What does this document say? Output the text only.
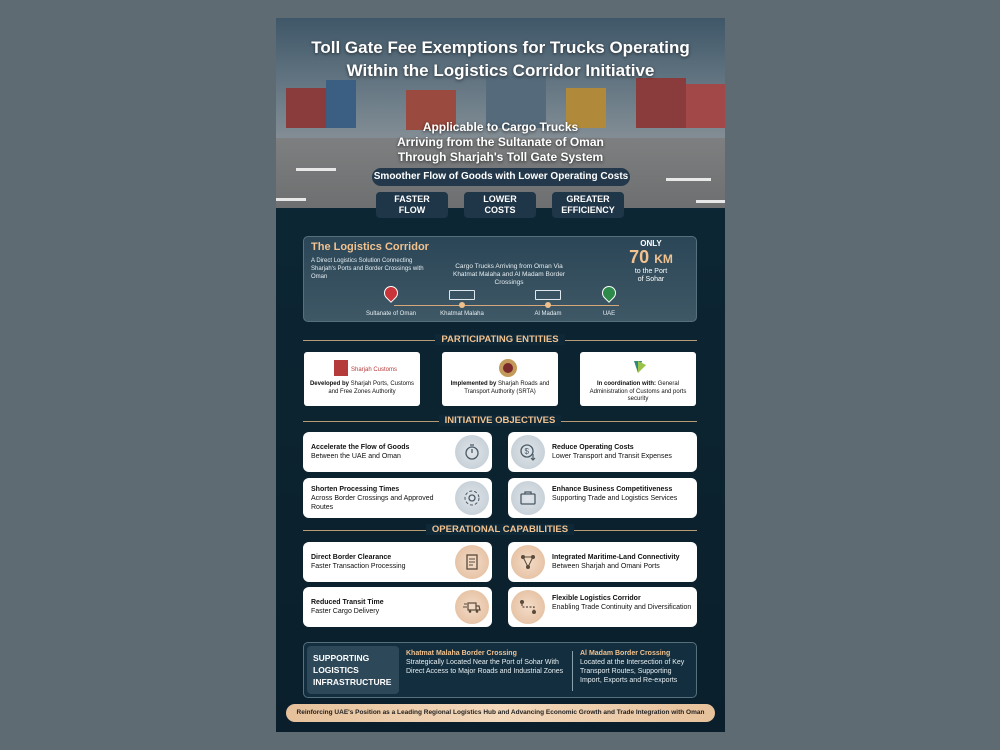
Toll Gate Fee Exemptions for Trucks Operating
Within the Logistics Corridor Initiative
Applicable to Cargo Trucks
Arriving from the Sultanate of Oman
Through Sharjah's Toll Gate System
Smoother Flow of Goods with Lower Operating Costs
FASTER
FLOW
LOWER
COSTS
GREATER
EFFICIENCY
The Logistics Corridor
A Direct Logistics Solution Connecting Sharjah's Ports and Border Crossings with Oman
Cargo Trucks Arriving from Oman Via Khatmat Malaha and Al Madam Border Crossings
ONLY
70 KM
to the Port
of Sohar
Sultanate of Oman	Khatmat Malaha	Al Madam	UAE
PARTICIPATING ENTITIES
Sharjah Customs
Developed by Sharjah Ports, Customs and Free Zones Authority
Implemented by Sharjah Roads and Transport Authority (SRTA)
In coordination with: General Administration of Customs and ports security
INITIATIVE OBJECTIVES
Accelerate the Flow of Goods
Between the UAE and Oman
$	Reduce Operating Costs
Lower Transport and Transit Expenses
Shorten Processing Times
Across Border Crossings and Approved Routes
Enhance Business Competitiveness
Supporting Trade and Logistics Services
OPERATIONAL CAPABILITIES
Direct Border Clearance
Faster Transaction Processing
Integrated Maritime-Land Connectivity
Between Sharjah and Omani Ports
Reduced Transit Time
Faster Cargo Delivery
Flexible Logistics Corridor
Enabling Trade Continuity and Diversification
SUPPORTING
LOGISTICS
INFRASTRUCTURE
Khatmat Malaha Border Crossing
Strategically Located Near the Port of Sohar With Direct Access to Major Roads and Industrial Zones
Al Madam Border Crossing
Located at the Intersection of Key Transport Routes, Supporting Import, Exports and Re-exports
Reinforcing UAE's Position as a Leading Regional Logistics Hub and Advancing Economic Growth and Trade Integration with Oman
